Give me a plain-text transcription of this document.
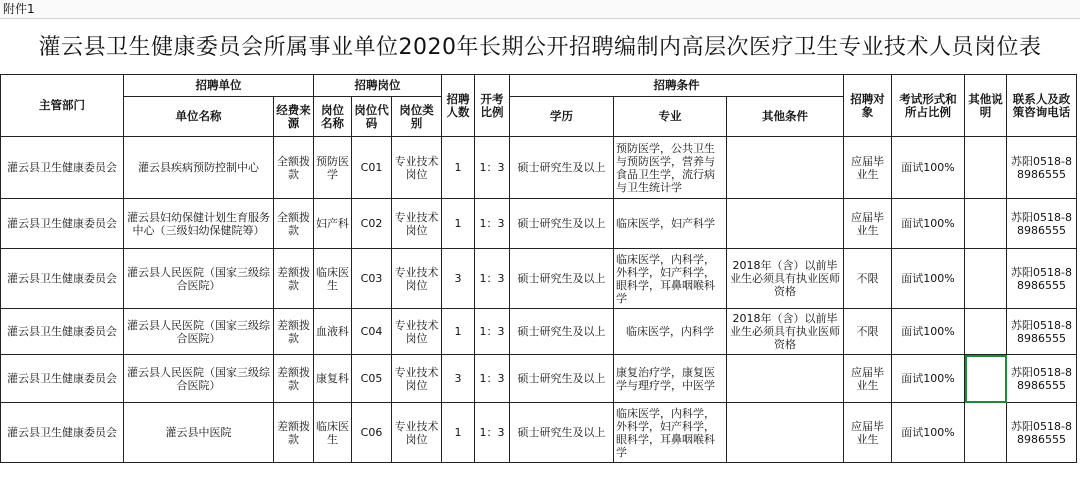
附件1
灌云县卫生健康委员会所属事业单位2020年长期公开招聘编制内高层次医疗卫生专业技术人员岗位表
主管部门	招聘单位		招聘岗位			招聘人数	开考比例	招聘条件			招聘对象	考试形式和所占比例	其他说明	联系人及政策咨询电话
	单位名称	经费来源	岗位名称	岗位代码	岗位类别			学历	专业	其他条件				
灌云县卫生健康委员会	灌云县疾病预防控制中心	全额拨款	预防医学	C01	专业技术岗位	1	1：3	硕士研究生及以上	预防医学，公共卫生与预防医学，营养与食品卫生学，流行病与卫生统计学		应届毕业生	面试100%		苏阳0518-88986555
灌云县卫生健康委员会	灌云县妇幼保健计划生育服务中心（三级妇幼保健院筹）	全额拨款	妇产科	C02	专业技术岗位	1	1：3	硕士研究生及以上	临床医学，妇产科学		应届毕业生	面试100%		苏阳0518-88986555
灌云县卫生健康委员会	灌云县人民医院（国家三级综合医院）	差额拨款	临床医生	C03	专业技术岗位	3	1：3	硕士研究生及以上	临床医学，内科学，外科学，妇产科学，眼科学，耳鼻咽喉科学	2018年（含）以前毕业生必须具有执业医师资格	不限	面试100%		苏阳0518-88986555
灌云县卫生健康委员会	灌云县人民医院（国家三级综合医院）	差额拨款	血液科	C04	专业技术岗位	1	1：3	硕士研究生及以上	临床医学，内科学	2018年（含）以前毕业生必须具有执业医师资格	不限	面试100%		苏阳0518-88986555
灌云县卫生健康委员会	灌云县人民医院（国家三级综合医院）	差额拨款	康复科	C05	专业技术岗位	3	1：3	硕士研究生及以上	康复治疗学，康复医学与理疗学，中医学		应届毕业生	面试100%		苏阳0518-88986555
灌云县卫生健康委员会	灌云县中医院	差额拨款	临床医生	C06	专业技术岗位	1	1：3	硕士研究生及以上	临床医学，内科学，外科学，妇产科学，眼科学，耳鼻咽喉科学		应届毕业生	面试100%		苏阳0518-88986555
